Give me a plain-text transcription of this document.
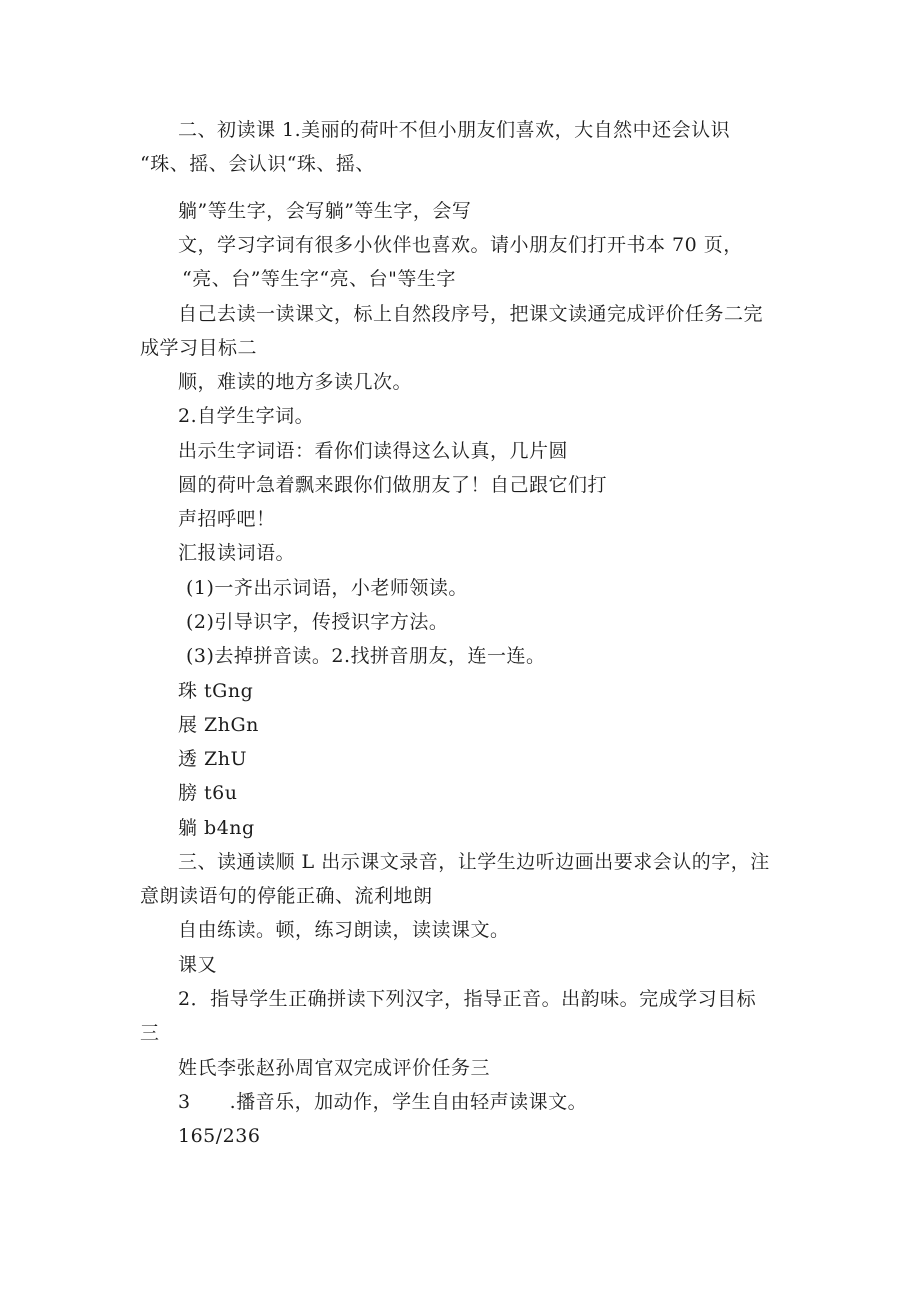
二、初读课 1.美丽的荷叶不但小朋友们喜欢，大自然中还会认识
“珠、摇、会认识“珠、摇、
躺”等生字，会写躺”等生字，会写
文，学习字词有很多小伙伴也喜欢。请小朋友们打开书本 70 页，
“亮、台”等生字“亮、台"等生字
自己去读一读课文，标上自然段序号，把课文读通完成评价任务二完
成学习目标二
顺，难读的地方多读几次。
2.自学生字词。
出示生字词语：看你们读得这么认真，几片圆
圆的荷叶急着飘来跟你们做朋友了！自己跟它们打
声招呼吧！
汇报读词语。
(1)一齐出示词语，小老师领读。
(2)引导识字，传授识字方法。
(3)去掉拼音读。2.找拼音朋友，连一连。
珠 tGng
展 ZhGn
透 ZhU
膀 t6u
躺 b4ng
三、读通读顺 L 出示课文录音，让学生边听边画出要求会认的字，注
意朗读语句的停能正确、流利地朗
自由练读。顿，练习朗读，读读课文。
课又
2．指导学生正确拼读下列汉字，指导正音。出韵味。完成学习目标
三
姓氏李张赵孙周官双完成评价任务三
3　　.播音乐，加动作，学生自由轻声读课文。
165/236
